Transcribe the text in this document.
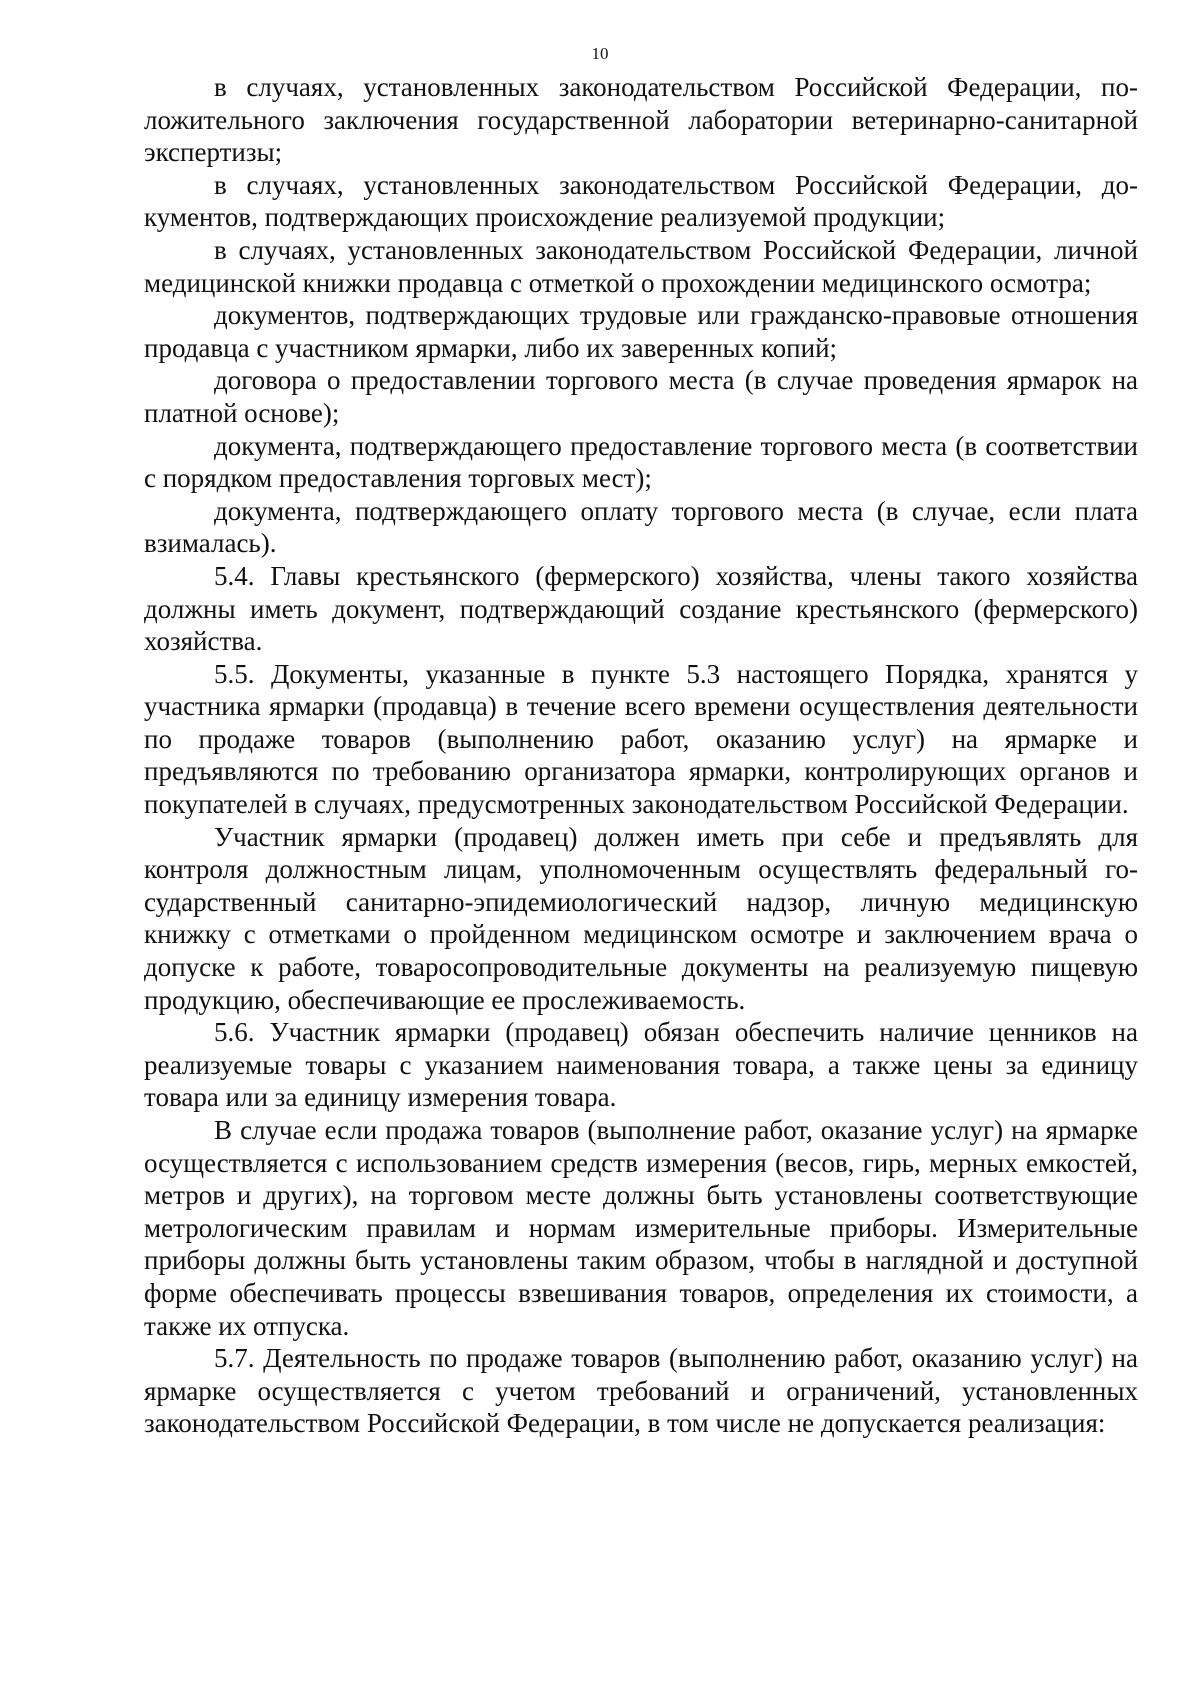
10

в случаях, установленных законодательством Российской Федерации, положительного заключения государственной лаборатории ветеринарно-санитарной экспертизы;

в случаях, установленных законодательством Российской Федерации, документов, подтверждающих происхождение реализуемой продукции;

в случаях, установленных законодательством Российской Федерации, личной медицинской книжки продавца с отметкой о прохождении медицинского осмотра;

документов, подтверждающих трудовые или гражданско-правовые отношения продавца с участником ярмарки, либо их заверенных копий;

договора о предоставлении торгового места (в случае проведения ярмарок на платной основе);

документа, подтверждающего предоставление торгового места (в соответствии с порядком предоставления торговых мест);

документа, подтверждающего оплату торгового места (в случае, если плата взималась).

5.4. Главы крестьянского (фермерского) хозяйства, члены такого хозяйства должны иметь документ, подтверждающий создание крестьянского (фермерского) хозяйства.

5.5. Документы, указанные в пункте 5.3 настоящего Порядка, хранятся у участника ярмарки (продавца) в течение всего времени осуществления деятельности по продаже товаров (выполнению работ, оказанию услуг) на ярмарке и предъявляются по требованию организатора ярмарки, контролирующих органов и покупателей в случаях, предусмотренных законодательством Российской Федерации.

Участник ярмарки (продавец) должен иметь при себе и предъявлять для контроля должностным лицам, уполномоченным осуществлять федеральный государственный санитарно-эпидемиологический надзор, личную медицинскую книжку с отметками о пройденном медицинском осмотре и заключением врача о допуске к работе, товаросопроводительные документы на реализуемую пищевую продукцию, обеспечивающие ее прослеживаемость.

5.6. Участник ярмарки (продавец) обязан обеспечить наличие ценников на реализуемые товары с указанием наименования товара, а также цены за единицу товара или за единицу измерения товара.

В случае если продажа товаров (выполнение работ, оказание услуг) на ярмарке осуществляется с использованием средств измерения (весов, гирь, мерных емкостей, метров и других), на торговом месте должны быть установлены соответствующие метрологическим правилам и нормам измерительные приборы. Измерительные приборы должны быть установлены таким образом, чтобы в наглядной и доступной форме обеспечивать процессы взвешивания товаров, определения их стоимости, а также их отпуска.

5.7. Деятельность по продаже товаров (выполнению работ, оказанию услуг) на ярмарке осуществляется с учетом требований и ограничений, установленных законодательством Российской Федерации, в том числе не допускается реализация:
